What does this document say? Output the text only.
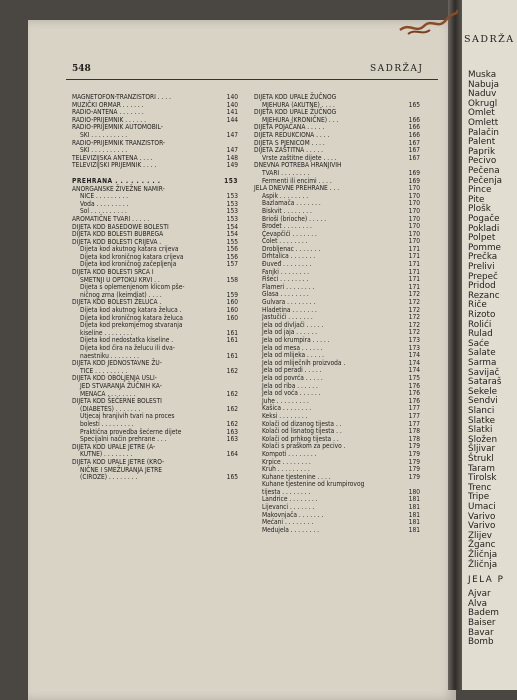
548	SADRŽAJ
MAGNETOFON-TRANZISTORI . . . .	140
MUZIČKI ORMAR . . . . . .	140
RADIO-ANTENA . . . . . . .	141
RADIO-PRIJEMNIK . . . . . .	144
RADIO-PRIJEMNIK AUTOMOBIL-
SKI . . . . . . . . . .	147
RADIO-PRIJEMNIK TRANZISTOR-
SKI . . . . . . . . . .	147
TELEVIZIJSKA ANTENA . . . .	148
TELEVIZIJSKI PRIJEMNIK . . . .	149
PREHRANA . . . . . . . . .	153
ANORGANSKE ŽIVEŽNE NAMIR-
NICE . . . . . . . . .	153
Voda . . . . . . . . .	153
Sol . . . . . . . . . .	153
AROMATIČNE TVARI . . . . .	153
DIJETA KOD BASEDOWE BOLESTI	154
DIJETA KOD BOLESTI BUBREGA	154
DIJETA KOD BOLESTI CRIJEVA .	155
Dijeta kod akutnog katara crijeva	156
Dijeta kod kroničnog katara crijeva	156
Dijeta kod kroničnog začepljenja	157
DIJETA KOD BOLESTI SRCA I
SMETNJI U OPTOKU KRVI . .	158
Dijeta s oplemenjenom klicom pše-
ničnog zrna (keimdiat) . . . .	159
DIJETA KOD BOLESTI ŽELUCA .	160
Dijeta kod akutnog katara želuca .	160
Dijeta kod kroničnog katara želuca	160
Dijeta kod prekomjernog stvaranja
kiseline . . . . . . . .	161
Dijeta kod nedostatka kiseline .	161
Dijeta kod čira na želucu ili dva-
naestniku . . . . . . . .	161
DIJETA KOD JEDNOSTAVNE ŽU-
TICE . . . . . . . . .	162
DIJETA KOD OBOLJENJA USLI-
JED STVARANJA ŽUČNIH KA-
MENACA . . . . . . . .	162
DIJETA KOD ŠEĆERNE BOLESTI
(DIABETES) . . . . . . .	162
Utjecaj hranjivih tvari na proces
bolesti . . . . . . . . .	162
Praktična provedba šećerne dijete	163
Specijalni način prehrane . . .	163
DIJETA KOD UPALE JETRE (A-
KUTNE) . . . . . . . .	164
DIJETA KOD UPALE JETRE (KRO-
NIČNE I SMEŽURANJA JETRE
(CIROZE) . . . . . . . .	165
DIJETA KOD UPALE ŽUČNOG
MJEHURA (AKUTNE) . . . .	165
DIJETA KOD UPALE ŽUČNOG
MJEHURA (KRONIČNE) . . .	166
DIJETA POJAČANA . . . . .	166
DIJETA REDUKCIONA . . . .	166
DIJETA S PJENICOM . . . .	167
DIJETA ZAŠTITNA . . . . .	167
Vrste zaštitne dijete . . . .	167
DNEVNA POTREBA HRANJIVIH
TVARI . . . . . . . .	169
Fermenti ili encimi . . . .	169
JELA DNEVNE PREHRANE . . .	170
Aspik . . . . . . . .	170
Bazlamača . . . . . . .	170
Biskvit . . . . . . . .	170
Brioši (brioche) . . . . .	170
Brodet . . . . . . . .	170
Ćevapčići . . . . . . .	170
Čolet . . . . . . . .	170
Drobljenac . . . . . . .	171
Drhtalica . . . . . . .	171
Đuveđ . . . . . . . .	171
Fanjki . . . . . . . .	171
Fišeci . . . . . . . .	171
Flameri . . . . . . . .	171
Glasa . . . . . . . .	172
Gulvara . . . . . . . .	172
Hladetina . . . . . . .	172
Jastučići . . . . . . .	172
Jela od divljači . . . . .	172
Jela od jaja . . . . . .	172
Jela od krumpira . . . . .	173
Jela od mesa . . . . . .	173
Jela od mlijeka . . . . .	174
Jela od mliječnih proizvoda .	174
Jela od peradi . . . . .	174
Jela od povrća . . . . .	175
Jela od riba . . . . . .	176
Jela od voća . . . . . .	176
Juhe . . . . . . . . .	176
Kašica . . . . . . . .	177
Keksi . . . . . . . .	177
Kolači od dizanog tijesta . .	177
Kolači od lisnatog tijesta . .	178
Kolači od prhkog tijesta . .	178
Kolači s praškom za pecivo .	179
Kompoti . . . . . . . .	179
Krpice . . . . . . . .	179
Kruh . . . . . . . . .	179
Kuhane tjestenine . . . .	179
Kuhane tjestenine od krumpirovog
tijesta . . . . . . . .	180
Landrice . . . . . . . .	181
Lijevanci . . . . . . .	181
Makovnjača . . . . . . .	181
Mećani . . . . . . . .	181
Medujela . . . . . . . .	181
SADRŽA
Muska
Nabuja
Naduv
Okrugl
Omlet
Omlett
Palačin
Palent
Paprik
Pecivo
Pečena
Pečenja
Pince
Pite
Plošk
Pogače
Pokladi
Polpet
Pomme
Prečka
Prelivi
Prepeč
Pridod
Rezanc
Riče
Rizoto
Rolići
Rulad
Saće
Salate
Sarma
Savijač
Sataraš
Sekele
Sendvi
Slanci
Slatke
Slatki
Složen
Šljivar
Štrukl
Taram
Tirolsk
Trenc
Tripe
Umaci
Varivo
Varivo
Zlijev
Žganc
Žličnja
Žličnja
JELA P
Ajvar
Alva
Badem
Baiser
Bavar
Bomb
